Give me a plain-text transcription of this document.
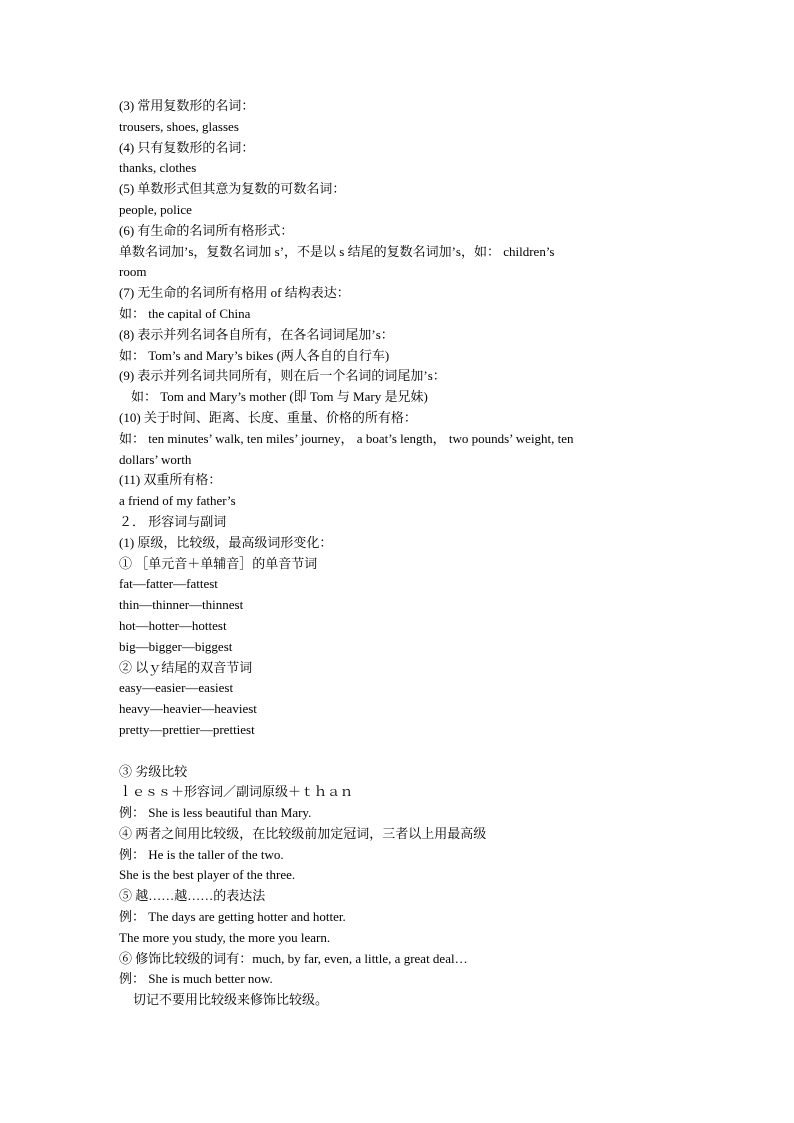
(3) 常用复数形的名词：
trousers, shoes, glasses
(4) 只有复数形的名词：
thanks, clothes
(5) 单数形式但其意为复数的可数名词：
people, police
(6) 有生命的名词所有格形式：
单数名词加’s，复数名词加 s’，不是以 s 结尾的复数名词加’s，如： children’s
room
(7) 无生命的名词所有格用 of 结构表达：
如： the capital of China
(8) 表示并列名词各自所有，在各名词词尾加’s：
如： Tom’s and Mary’s bikes (两人各自的自行车)
(9) 表示并列名词共同所有，则在后一个名词的词尾加’s：
如： Tom and Mary’s mother (即 Tom 与 Mary 是兄妹)
(10) 关于时间、距离、长度、重量、价格的所有格：
如： ten minutes’ walk, ten miles’ journey， a boat’s length， two pounds’ weight, ten
dollars’ worth
(11) 双重所有格：
a friend of my father’s
２． 形容词与副词
(1) 原级，比较级，最高级词形变化：
① ［单元音＋单辅音］的单音节词
fat—fatter—fattest
thin—thinner—thinnest
hot—hotter—hottest
big—bigger—biggest
② 以ｙ结尾的双音节词
easy—easier—easiest
heavy—heavier—heaviest
pretty—prettier—prettiest
③ 劣级比较
ｌｅｓｓ＋形容词／副词原级＋ｔｈａｎ
例： She is less beautiful than Mary.
④ 两者之间用比较级，在比较级前加定冠词，三者以上用最高级
例： He is the taller of the two.
She is the best player of the three.
⑤ 越……越……的表达法
例： The days are getting hotter and hotter.
The more you study, the more you learn.
⑥ 修饰比较级的词有：much, by far, even, a little, a great deal…
例： She is much better now.
切记不要用比较级来修饰比较级。
